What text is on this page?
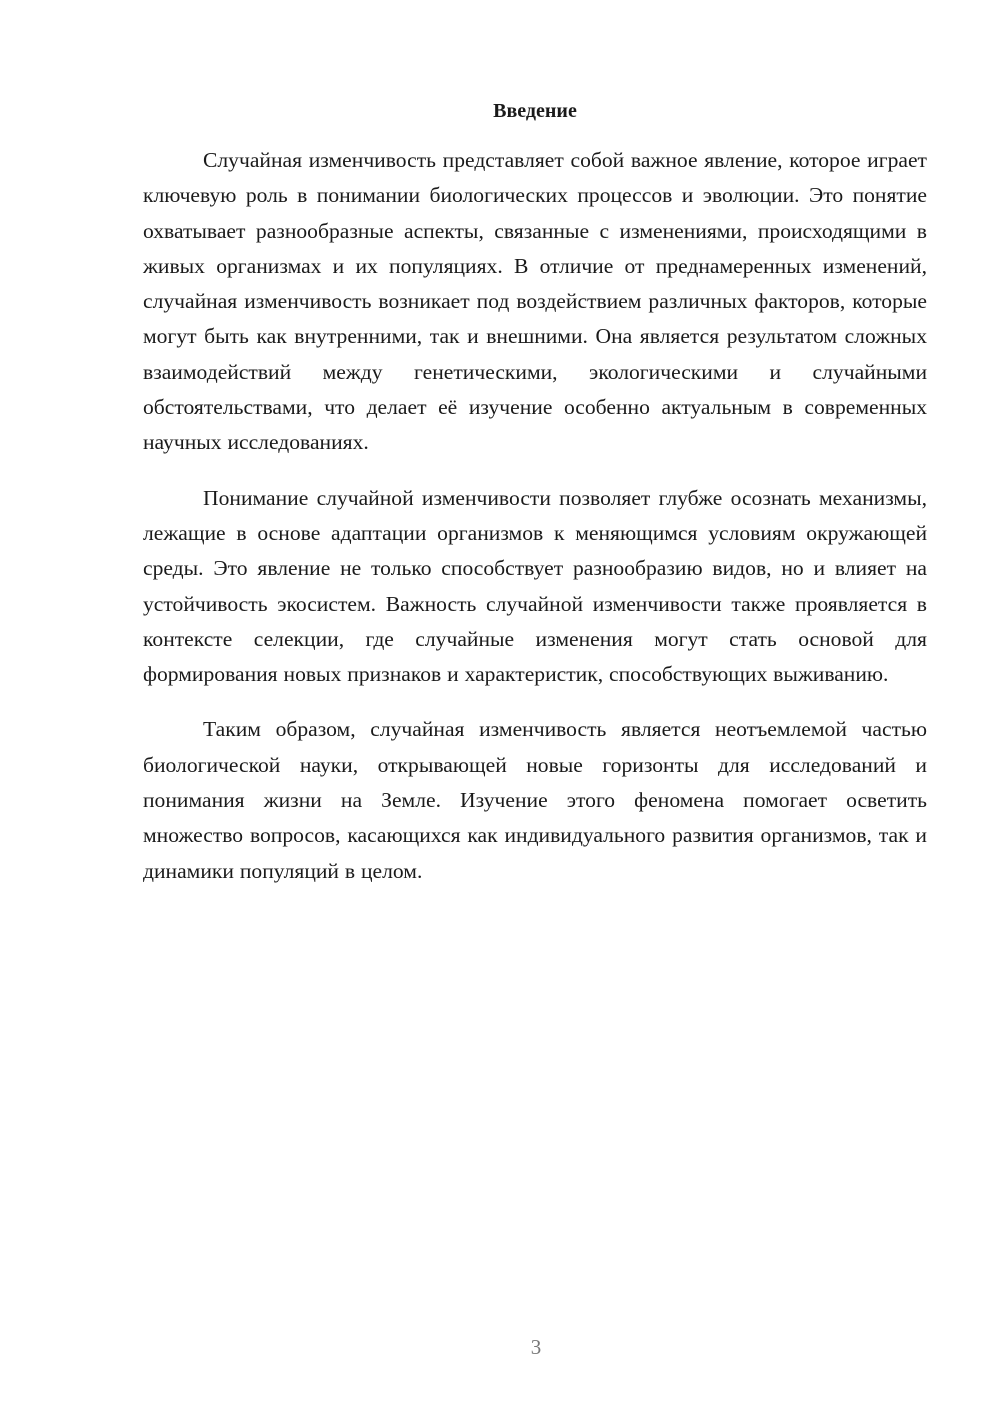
Введение

Случайная изменчивость представляет собой важное явление, которое играет ключевую роль в понимании биологических процессов и эволюции. Это понятие охватывает разнообразные аспекты, связанные с изменениями, происходящими в живых организмах и их популяциях. В отличие от преднамеренных изменений, случайная изменчивость возникает под воздействием различных факторов, которые могут быть как внутренними, так и внешними. Она является результатом сложных взаимодействий между генетическими, экологическими и случайными обстоятельствами, что делает её изучение особенно актуальным в современных научных исследованиях.

Понимание случайной изменчивости позволяет глубже осознать механизмы, лежащие в основе адаптации организмов к меняющимся условиям окружающей среды. Это явление не только способствует разнообразию видов, но и влияет на устойчивость экосистем. Важность случайной изменчивости также проявляется в контексте селекции, где случайные изменения могут стать основой для формирования новых признаков и характеристик, способствующих выживанию.

Таким образом, случайная изменчивость является неотъемлемой частью биологической науки, открывающей новые горизонты для исследований и понимания жизни на Земле. Изучение этого феномена помогает осветить множество вопросов, касающихся как индивидуального развития организмов, так и динамики популяций в целом.

3
